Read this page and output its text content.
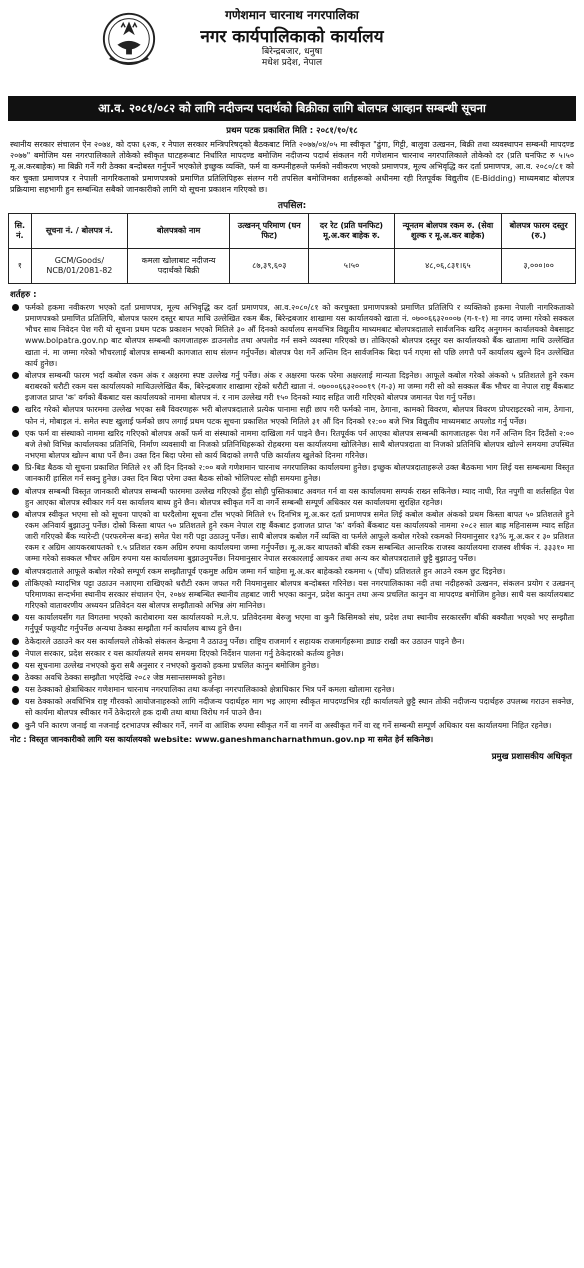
गणेशमान चारनाथ नगरपालिका
नगर कार्यपालिकाको कार्यालय
बिरेन्द्रबजार, धनुषा
मधेश प्रदेश, नेपाल
आ.व. २०८१/०८२ को लागि नदीजन्य पदार्थको बिक्रीका लागि बोलपत्र आव्हान सम्बन्धी सूचना
प्रथम पटक प्रकाशित मिति : २०८१/१०/१८
स्थानीय सरकार संचालन ऐन २०७४, को दफा ६२क, र नेपाल सरकार मन्त्रिपरिषद्को बैठकबाट मिति २०७७/०४/०५ मा स्वीकृत "ढुंगा, गिट्टी, बालुवा उत्खनन, बिक्री तथा व्यवस्थापन सम्बन्धी मापदण्ड २०७७" बमोजिम यस नगरपालिकाले तोकेको स्वीकृत घाटहरूबाट निर्धारित मापदण्ड बमोजिम नदीजन्य पदार्थ संकलन गरी गणेशमान चारनाथ नगरपालिकाले तोकेको दर (प्रति घनफिट रु ५।५० मू.अ.करबाहेक) मा बिक्री गर्ने गरी ठेक्का बन्दोबस्त गर्नुपर्ने भएकोले इच्छुक व्यक्ति, फर्म वा कम्पनीहरूले फर्मको नवीकरण भएको प्रमाणपत्र, मूल्य अभिवृद्धि कर दर्ता प्रमाणपत्र, आ.व. २०८०/८१ को कर चुक्ता प्रमाणपत्र र नेपाली नागरिकताको प्रमाणपत्रको प्रमाणित प्रतिलिपिहरू संलग्न गरी तपसिल बमोजिमका शर्तहरूको अधीनमा रही रितपूर्वक विद्युतीय (E-Bidding) माध्यमबाट बोलपत्र प्रक्रियामा सहभागी हुन सम्बन्धित सबैको जानकारीको लागि यो सूचना प्रकाशन गरिएको छ।
तपसिल:
सि. नं.	सूचना नं. / बोलपत्र नं.	बोलपत्रको नाम	उत्खनन् परिमाण (घन फिट)	दर रेट (प्रति घनफिट) मू.अ.कर बाहेक रु.	न्यूनतम बोलपत्र रकम रु. (सेवा शुल्क र मू.अ.कर बाहेक)	बोलपत्र फारम दस्तुर (रु.)
१	GCM/Goods/ NCB/01/2081-82	कमला खोलाबाट नदीजन्य पदार्थको बिक्री	८७,३९,६०३	५।५०	४८,०६,८३१।६५	३,०००।००
शर्तहरु :
फर्मको हकमा नवीकरण भएको दर्ता प्रमाणपत्र, मूल्य अभिवृद्धि कर दर्ता प्रमाणपत्र, आ.व.२०८०/८१ को करचुक्ता प्रमाणपत्रको प्रमाणित प्रतिलिपि र व्यक्तिको हकमा नेपाली नागरिकताको प्रमाणपत्रको प्रमाणित प्रतिलिपि, बोलपत्र फारम दस्तुर बापत माथि उल्लेखित रकम बैंक, बिरेन्द्रबजार शाखामा यस कार्यालयको खाता नं. ०७००६६३२०००७ (ग-१-१) मा नगद जम्मा गरेको सक्कल भौचर साथ निवेदन पेश गरी यो सूचना प्रथम पटक प्रकाशन भएको मितिले ३० औं दिनको कार्यालय समयभित्र विद्युतीय माध्यमबाट बोलपत्रदाताले सार्वजनिक खरिद अनुगमन कार्यालयको वेबसाइट www.bolpatra.gov.np बाट बोलपत्र सम्बन्धी कागजातहरू डाउनलोड तथा अपलोड गर्न सक्ने व्यवस्था गरिएको छ। तोकिएको बोलपत्र दस्तुर यस कार्यालयको बैंक खातामा माथि उल्लेखित खाता नं. मा जम्मा गरेको भौचरलाई बोलपत्र सम्बन्धी कागजात साथ संलग्न गर्नुपर्नेछ। बोलपत्र पेश गर्ने अन्तिम दिन सार्वजनिक बिदा पर्न गएमा सो पछि लगत्तै पर्ने कार्यालय खुल्ने दिन उल्लेखित कार्य हुनेछ।
बोलपत्र सम्बन्धी फारम भर्दा कबोल रकम अंक र अक्षरमा स्पष्ट उल्लेख गर्नु पर्नेछ। अंक र अक्षरमा फरक परेमा अक्षरलाई मान्यता दिइनेछ। आफूले कबोल गरेको अंकको ५ प्रतिशतले हुने रकम बराबरको धरौटी रकम यस कार्यालयको माथिउल्लेखित बैंक, बिरेन्द्रबजार शाखामा रहेको धरौटी खाता नं. ०७०००६६३२०००१९ (ग-३) मा जम्मा गरी सो को सक्कल बैंक भौचर वा नेपाल राष्ट्र बैंकबाट इजाजत प्राप्त 'क' वर्गको बैंकबाट यस कार्यालयको नाममा बोलपत्र नं. र नाम उल्लेख गरी १५० दिनको म्याद सहित जारी गरिएको बोलपत्र जमानत पेश गर्नु पर्नेछ।
खरिद गरेको बोलपत्र फारममा उल्लेख भएका सबै विवरणहरू भरी बोलपत्रदाताले प्रत्येक पानामा सही छाप गरी फर्मको नाम, ठेगाना, कामको विवरण, बोलपत्र विवरण प्रोपराइटरको नाम, ठेगाना, फोन नं, मोबाइल नं. समेत स्पष्ट खुलाई फर्मको छाप लगाई प्रथम पटक सूचना प्रकाशित भएको मितिले ३१ औं दिन दिनको १२:०० बजे भित्र विद्युतीय माध्यमबाट अपलोड गर्नु पर्नेछ।
एक फर्म वा संस्थाको नाममा खरिद गरिएको बोलपत्र अर्को फर्म वा संस्थाको नाममा दाखिला गर्न पाइने छैन। रितपूर्वक पर्न आएका बोलपत्र सम्बन्धी कागजातहरू पेश गर्ने अन्तिम दिन दिउँसो २:०० बजे तेश्रो विभिन्न कार्यालयका प्रतिनिधि, निर्माण व्यवसायी वा निजको प्रतिनिधिहरूको रोहबरमा यस कार्यालयमा खोलिनेछ। साथै बोलपत्रदाता वा निजको प्रतिनिधि बोलपत्र खोल्ने समयमा उपस्थित नभएमा बोलपत्र खोल्न बाधा पर्ने छैन। उक्त दिन बिदा परेमा सो कार्य बिदाको लगत्तै पछि कार्यालय खुलेको दिनमा गरिनेछ।
प्रि-बिड बैठक यो सूचना प्रकाशित मितिले २१ औं दिन दिनको २:०० बजे गणेशमान चारनाथ नगरपालिका कार्यालयमा हुनेछ। इच्छुक बोलपत्रदाताहरूले उक्त बैठकमा भाग लिई यस सम्बन्धमा विस्तृत जानकारी हासिल गर्न सक्नु हुनेछ। उक्त दिन बिदा परेमा उक्त बैठक सोको भोलिपल्ट सोही समयमा हुनेछ।
बोलपत्र सम्बन्धी विस्तृत जानकारी बोलपत्र सम्बन्धी फारममा उल्लेख गरिएको हुँदा सोही पुस्तिकाबाट अवगत गर्न वा यस कार्यालयमा सम्पर्क राख्न सकिनेछ। म्याद नाघी, रित नपुगी वा शर्तसहित पेश हुन आएका बोलपत्र स्वीकार गर्न यस कार्यालय बाध्य हुने छैन। बोलपत्र स्वीकृत गर्ने वा नगर्ने सम्बन्धी सम्पूर्ण अधिकार यस कार्यालयमा सुरक्षित रहनेछ।
बोलपत्र स्वीकृत भएमा सो को सूचना पाएको वा घरदैलोमा सूचना टाँस भएको मितिले १५ दिनभित्र मू.अ.कर दर्ता प्रमाणपत्र समेत लिई कबोल कबोल अंकको प्रथम किस्ता बापत ५० प्रतिशतले हुने रकम अनिवार्य बुझाउनु पर्नेछ। दोस्रो किस्ता बापत ५० प्रतिशतले हुने रकम नेपाल राष्ट्र बैंकबाट इजाजत प्राप्त 'क' वर्गको बैंकबाट यस कार्यालयको नाममा २०८२ साल बाह्र महिनासम्म म्याद सहित जारी गरिएको बैंक ग्यारेन्टी (परफरमेन्स बन्ड) समेत पेश गरी पट्टा उठाउनु पर्नेछ। साथै बोलपत्र कबोल गर्ने व्यक्ति वा फर्मले आफूले कबोल गरेको रकमको नियमानुसार १३% मू.अ.कर र ३० प्रतिशत रकम र अग्रिम आयकरबापतको १.५ प्रतिशत रकम अग्रिम रुपमा कार्यालयमा जम्मा गर्नुपर्नेछ। मू.अ.कर बापतको बाँकी रकम सम्बन्धित आन्तरिक राजस्व कार्यालयमा राजस्व शीर्षक नं. ३३३१० मा जम्मा गरेको सक्कल भौचर अग्रिम रुपमा यस कार्यालयमा बुझाउनुपर्नेछ। नियमानुसार नेपाल सरकारलाई आयकर तथा अन्य कर बोलपत्रदाताले छुट्टै बुझाउनु पर्नेछ।
बोलपत्रदाताले आफूले कबोल गरेको सम्पूर्ण रकम सम्झौतापूर्व एकमुष्ट अग्रिम जम्मा गर्न चाहेमा मू.अ.कर बाहेकको रकममा ५ (पाँच) प्रतिशतले हुन आउने रकम छुट दिइनेछ।
तोकिएको म्यादभित्र पट्टा उठाउन नआएमा राखिएको धरौटी रकम जफत गरी नियमानुसार बोलपत्र बन्दोबस्त गरिनेछ। यस नगरपालिकाका नदी तथा नदीहरुको उत्खनन, संकलन प्रयोग र उत्खनन् परिमाणका सन्दर्भमा स्थानीय सरकार संचालन ऐन, २०७४ सम्बन्धित स्थानीय तहबाट जारी भएका कानुन, प्रदेश कानुन तथा अन्य प्रचलित कानुन वा मापदण्ड बमोजिम हुनेछ। साथै यस कार्यालयबाट गरिएको वातावरणीय अध्ययन प्रतिवेदन यस बोलपत्र सम्झौताको अभिन्न अंग मानिनेछ।
यस कार्यालयसँग गत विगतमा भएको कारोबारमा यस कार्यालयको म.ले.प. प्रतिवेदनमा बेरुजु भएमा वा कुनै किसिमको संघ, प्रदेश तथा स्थानीय सरकारसँग बाँकी बक्यौता भएको भए सम्झौता गर्नुपूर्व फछ्र्यौट गर्नुपर्नेछ अन्यथा ठेक्का सम्झौता गर्न कार्यालय बाध्य हुने छैन।
ठेकेदारले उठाउने कर यस कार्यालयले तोकेको संकलन केन्द्रमा नै उठाउनु पर्नेछ। राष्ट्रिय राजमार्ग र सहायक राजमार्गहरूमा ड्याङ राखी कर उठाउन पाइने छैन।
नेपाल सरकार, प्रदेश सरकार र यस कार्यालयले समय समयमा दिएको निर्देशन पालना गर्नु ठेकेदारको कर्तव्य हुनेछ।
यस सूचनामा उल्लेख नभएको कुरा सबै अनुसार र नभएको कुराको हकमा प्रचलित कानुन बमोजिम हुनेछ।
ठेक्का अवधि ठेक्का सम्झौता भएदेखि २०८२ जेष्ठ मसान्तसम्मको हुनेछ।
यस ठेक्काको क्षेत्राधिकार गणेशमान चारनाथ नगरपालिका तथा कर्जन्हा नगरपालिकाको क्षेत्राधिकार भित्र पर्ने कमला खोलामा रहनेछ।
यस ठेक्काको अवधिभित्र राष्ट्र गौरवको आयोजनाहरुको लागि नदीजन्य पदार्थहरु माग भइ आएमा स्वीकृत मापदण्डभित्र रही कार्यालयले छुट्टै स्थान तोकी नदीजन्य पदार्थहरु उपलब्ध गराउन सक्नेछ, सो कार्यमा बोलपत्र स्वीकार गर्ने ठेकेदारले हक दाबी तथा बाधा विरोध गर्न पाउने छैन।
कुनै पनि कारण जनाई वा नजनाई दरभाउपत्र स्वीकार गर्ने, नगर्ने वा आंशिक रुपमा स्वीकृत गर्ने वा नगर्ने वा अस्वीकृत गर्ने वा रद्द गर्ने सम्बन्धी सम्पूर्ण अधिकार यस कार्यालयमा निहित रहनेछ।
नोट : विस्तृत जानकारीको लागि यस कार्यालयको website: www.ganeshmancharnathmun.gov.np मा समेत हेर्न सकिनेछ।
प्रमुख प्रशासकीय अधिकृत
